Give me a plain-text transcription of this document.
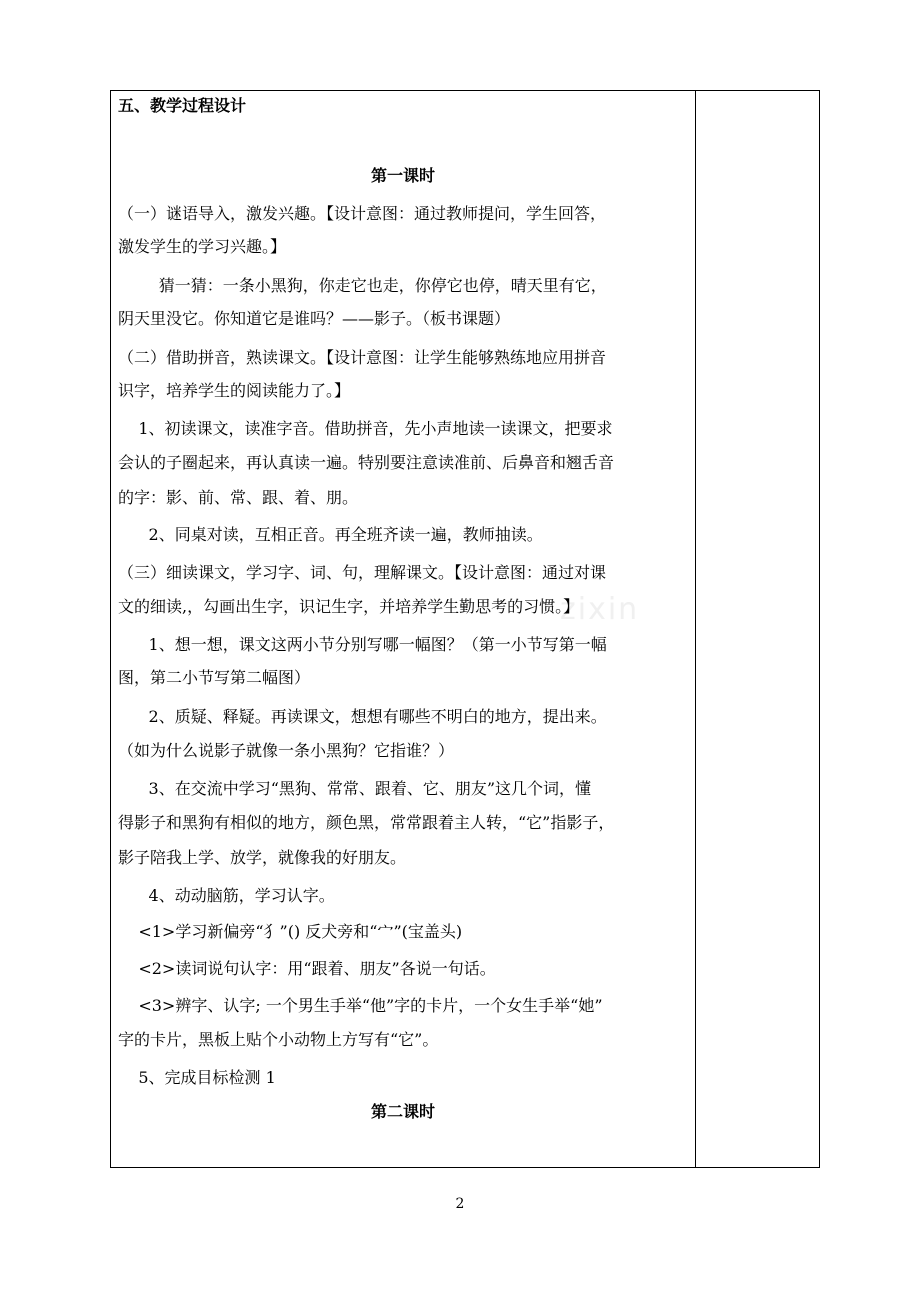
zixin
五、教学过程设计
第一课时
（一）谜语导入，激发兴趣。【设计意图：通过教师提问，学生回答，
激发学生的学习兴趣。】
猜一猜：一条小黑狗，你走它也走，你停它也停，晴天里有它，
阴天里没它。你知道它是谁吗？——影子。（板书课题）
（二）借助拼音，熟读课文。【设计意图：让学生能够熟练地应用拼音
识字，培养学生的阅读能力了。】
1、初读课文，读准字音。借助拼音，先小声地读一读课文，把要求
会认的子圈起来，再认真读一遍。特别要注意读准前、后鼻音和翘舌音
的字：影、前、常、跟、着、朋。
2、同桌对读，互相正音。再全班齐读一遍，教师抽读。
（三）细读课文，学习字、词、句，理解课文。【设计意图：通过对课
文的细读,，勾画出生字，识记生字，并培养学生勤思考的习惯。】
1、想一想，课文这两小节分别写哪一幅图？（第一小节写第一幅
图，第二小节写第二幅图）
2、质疑、释疑。再读课文，想想有哪些不明白的地方，提出来。
（如为什么说影子就像一条小黑狗？它指谁？）
3、在交流中学习“黑狗、常常、跟着、它、朋友”这几个词，懂
得影子和黑狗有相似的地方，颜色黑，常常跟着主人转，“它”指影子，
影子陪我上学、放学，就像我的好朋友。
4、动动脑筋，学习认字。
<1>学习新偏旁“犭”() 反犬旁和“宀”(宝盖头)
<2>读词说句认字：用“跟着、朋友”各说一句话。
<3>辨字、认字; 一个男生手举“他”字的卡片，一个女生手举“她”
字的卡片，黑板上贴个小动物上方写有“它”。
5、完成目标检测 1
第二课时
2
